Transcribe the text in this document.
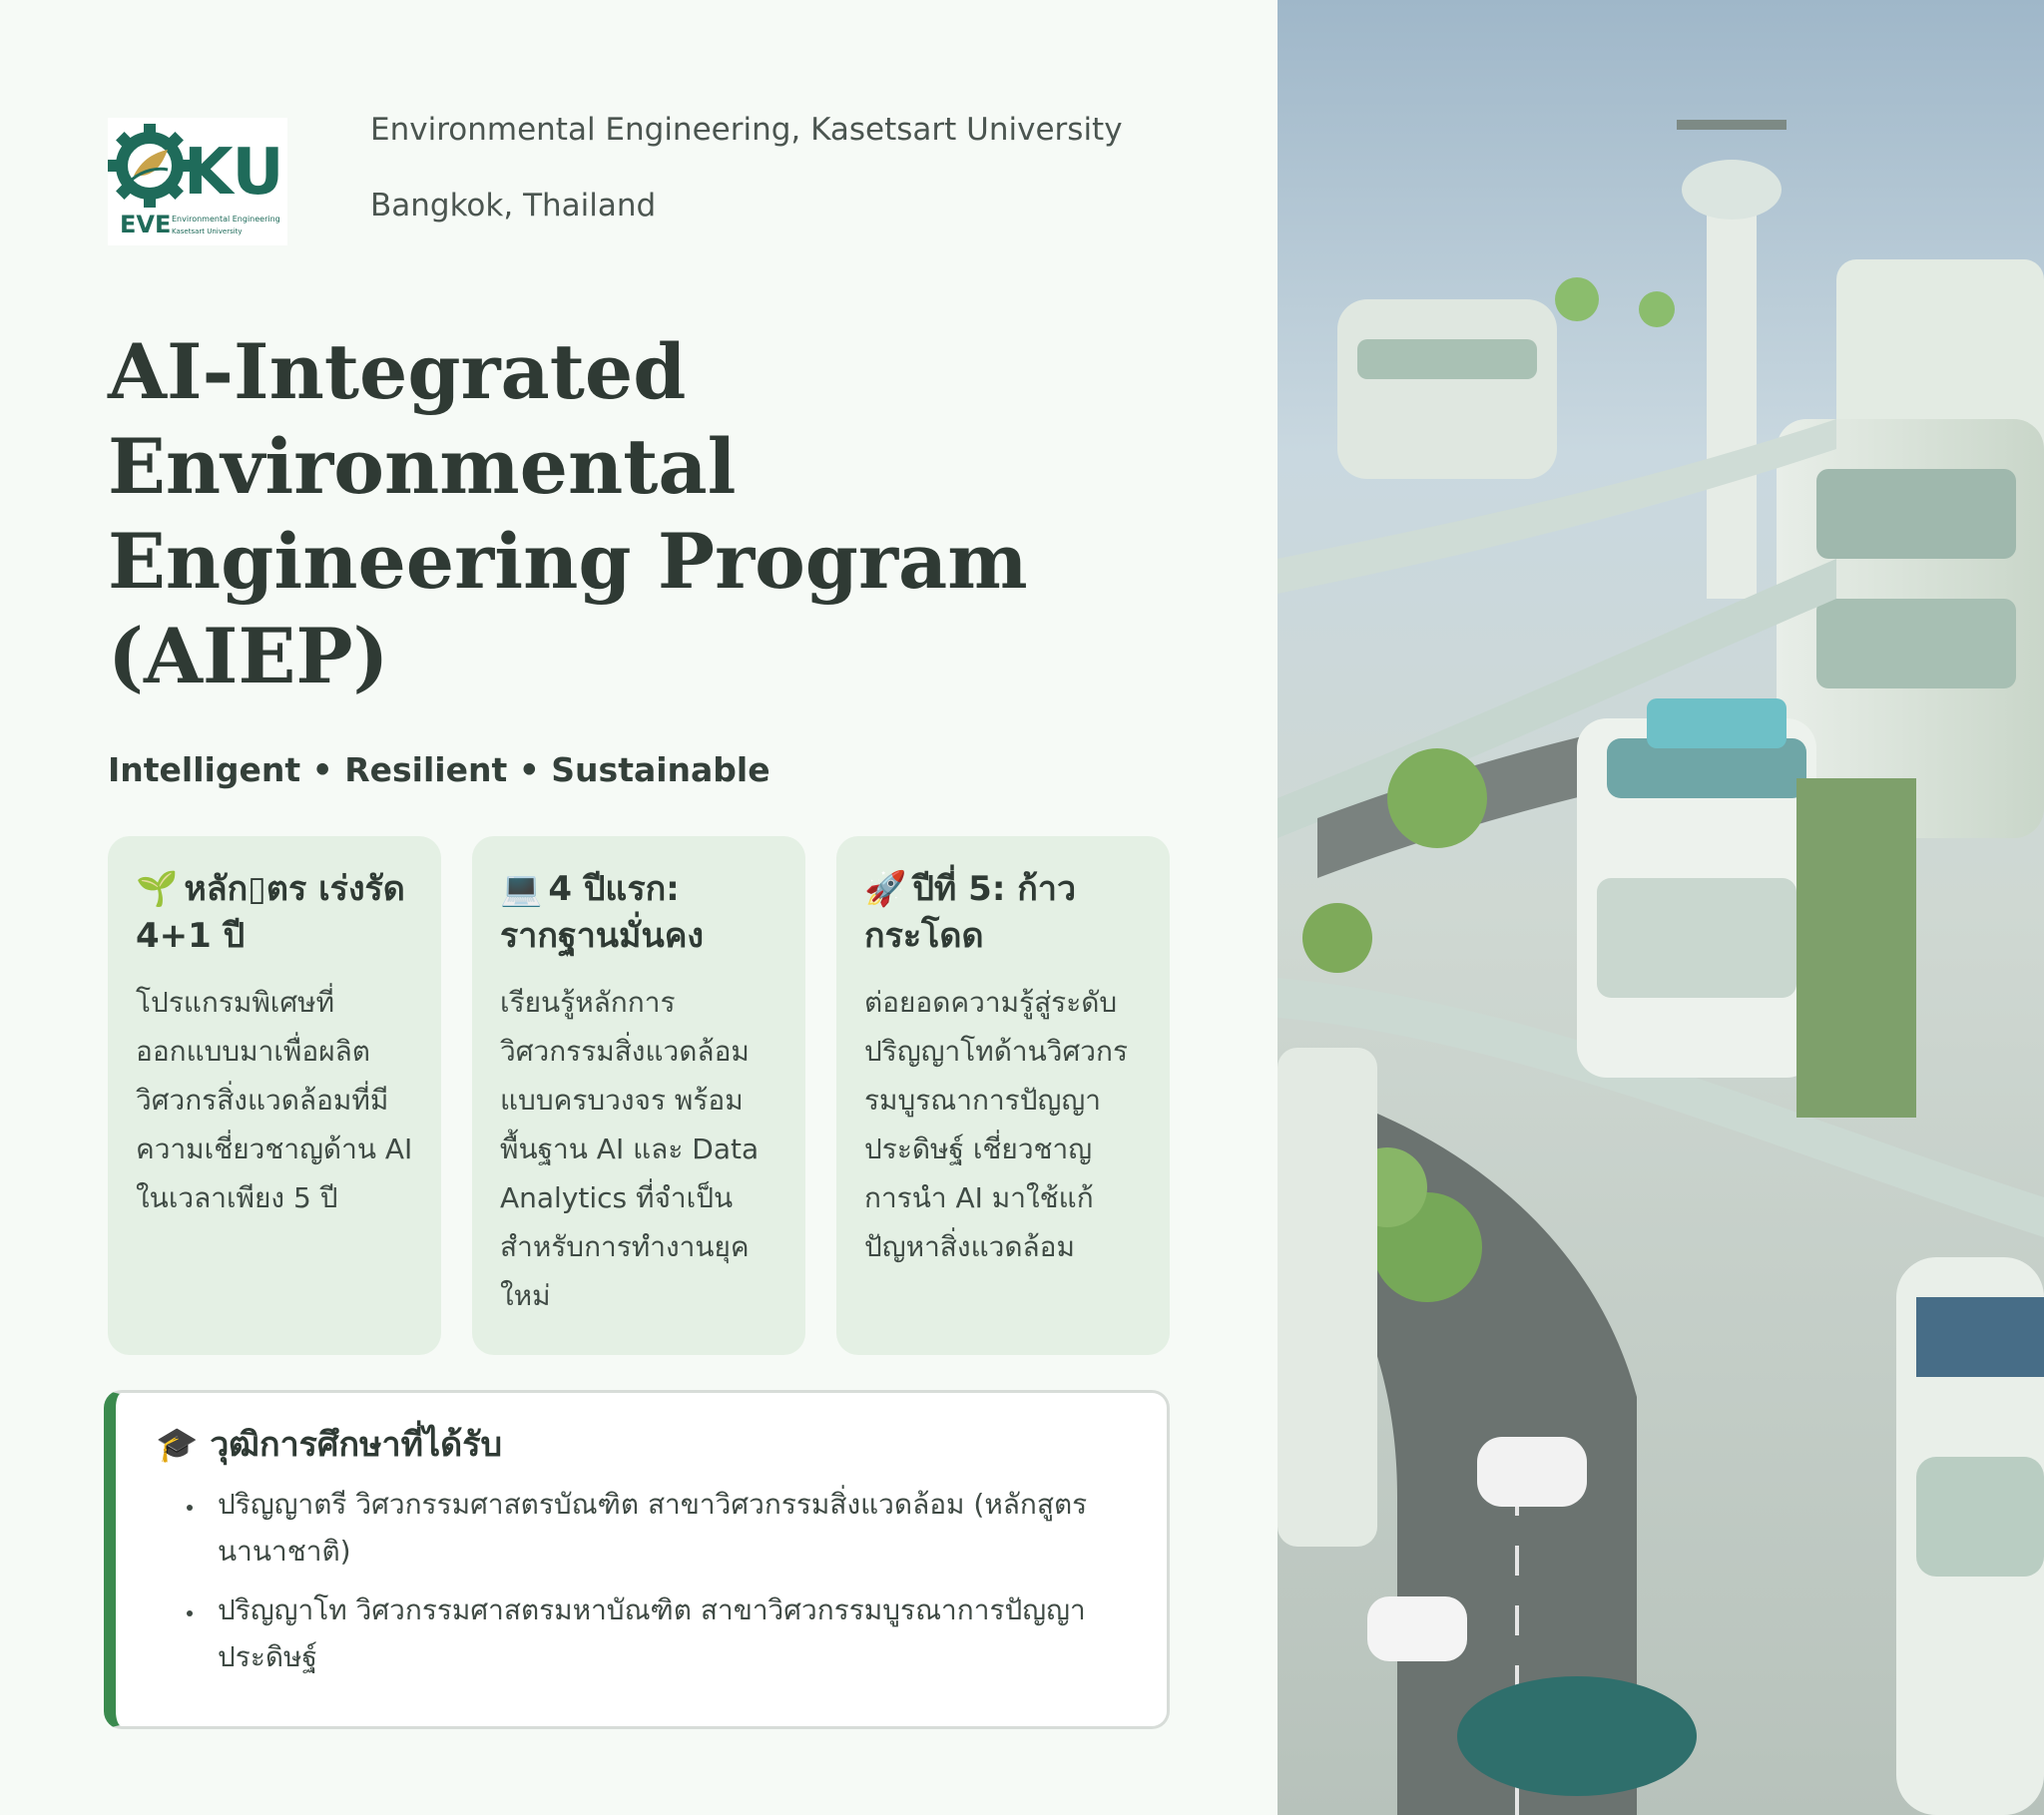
KU
EVE Environmental Engineering
Kasetsart University
Environmental Engineering, Kasetsart University
Bangkok, Thailand
AI-Integrated
Environmental
Engineering Program
(AIEP)
Intelligent • Resilient • Sustainable
🌱 หลัก▯ตร เร่งรัด 4+1 ปี

โปรแกรมพิเศษที่ออกแบบมาเพื่อผลิตวิศวกรสิ่งแวดล้อมที่มีความเชี่ยวชาญด้าน AI ในเวลาเพียง 5 ปี

💻 4 ปีแรก: รากฐานมั่นคง

เรียนรู้หลักการวิศวกรรมสิ่งแวดล้อมแบบครบวงจร พร้อมพื้นฐาน AI และ Data Analytics ที่จำเป็นสำหรับการทำงานยุคใหม่

🚀 ปีที่ 5: ก้าวกระโดด

ต่อยอดความรู้สู่ระดับปริญญาโทด้านวิศวกรรมบูรณาการปัญญาประดิษฐ์ เชี่ยวชาญการนำ AI มาใช้แก้ปัญหาสิ่งแวดล้อม

🎓 วุฒิการศึกษาที่ได้รับ
• ปริญญาตรี วิศวกรรมศาสตรบัณฑิต สาขาวิศวกรรมสิ่งแวดล้อม (หลักสูตรนานาชาติ)
• ปริญญาโท วิศวกรรมศาสตรมหาบัณฑิต สาขาวิศวกรรมบูรณาการปัญญาประดิษฐ์
